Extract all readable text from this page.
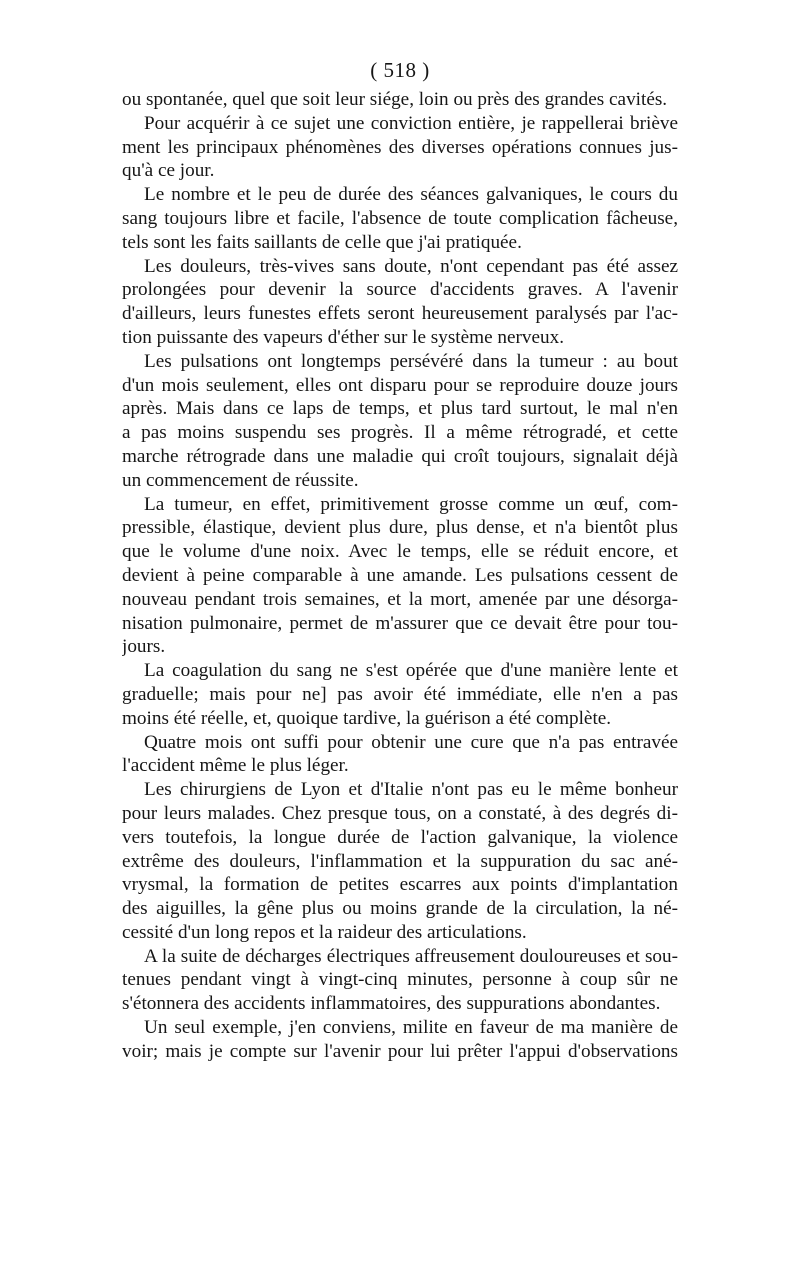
( 518 )
ou spontanée, quel que soit leur siége, loin ou près des grandes cavités.
Pour acquérir à ce sujet une conviction entière, je rappellerai briève
ment les principaux phénomènes des diverses opérations connues jus-
qu'à ce jour.
Le nombre et le peu de durée des séances galvaniques, le cours du
sang toujours libre et facile, l'absence de toute complication fâcheuse,
tels sont les faits saillants de celle que j'ai pratiquée.
Les douleurs, très-vives sans doute, n'ont cependant pas été assez
prolongées pour devenir la source d'accidents graves. A l'avenir
d'ailleurs, leurs funestes effets seront heureusement paralysés par l'ac-
tion puissante des vapeurs d'éther sur le système nerveux.
Les pulsations ont longtemps persévéré dans la tumeur : au bout
d'un mois seulement, elles ont disparu pour se reproduire douze jours
après. Mais dans ce laps de temps, et plus tard surtout, le mal n'en
a pas moins suspendu ses progrès. Il a même rétrogradé, et cette
marche rétrograde dans une maladie qui croît toujours, signalait déjà
un commencement de réussite.
La tumeur, en effet, primitivement grosse comme un œuf, com-
pressible, élastique, devient plus dure, plus dense, et n'a bientôt plus
que le volume d'une noix. Avec le temps, elle se réduit encore, et
devient à peine comparable à une amande. Les pulsations cessent de
nouveau pendant trois semaines, et la mort, amenée par une désorga-
nisation pulmonaire, permet de m'assurer que ce devait être pour tou-
jours.
La coagulation du sang ne s'est opérée que d'une manière lente et
graduelle; mais pour ne] pas avoir été immédiate, elle n'en a pas
moins été réelle, et, quoique tardive, la guérison a été complète.
Quatre mois ont suffi pour obtenir une cure que n'a pas entravée
l'accident même le plus léger.
Les chirurgiens de Lyon et d'Italie n'ont pas eu le même bonheur
pour leurs malades. Chez presque tous, on a constaté, à des degrés di-
vers toutefois, la longue durée de l'action galvanique, la violence
extrême des douleurs, l'inflammation et la suppuration du sac ané-
vrysmal, la formation de petites escarres aux points d'implantation
des aiguilles, la gêne plus ou moins grande de la circulation, la né-
cessité d'un long repos et la raideur des articulations.
A la suite de décharges électriques affreusement douloureuses et sou-
tenues pendant vingt à vingt-cinq minutes, personne à coup sûr ne
s'étonnera des accidents inflammatoires, des suppurations abondantes.
Un seul exemple, j'en conviens, milite en faveur de ma manière de
voir; mais je compte sur l'avenir pour lui prêter l'appui d'observations
